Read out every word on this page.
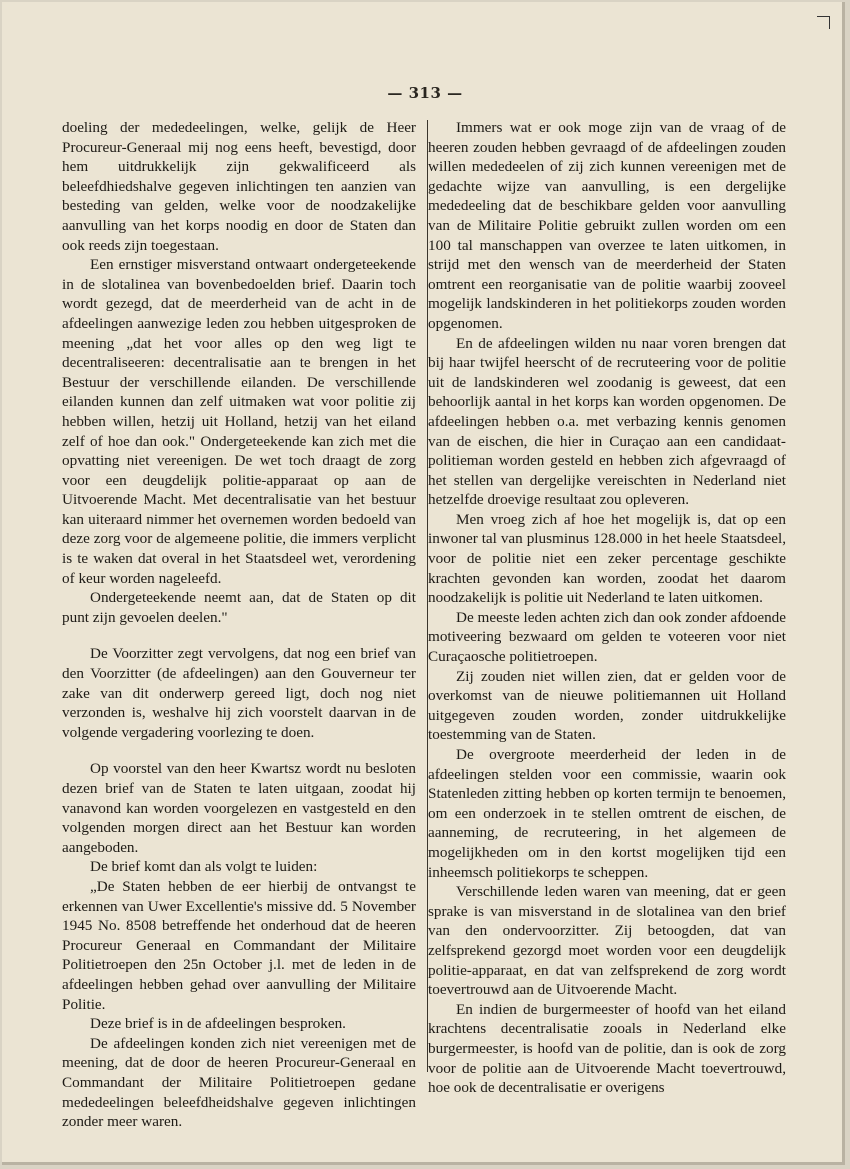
— 313 —

doeling der mededeelingen, welke, gelijk de Heer Procureur-Generaal mij nog eens heeft, bevestigd, door hem uitdrukkelijk zijn gekwalificeerd als beleefdhiedshalve gegeven inlichtingen ten aanzien van besteding van gelden, welke voor de noodzakelijke aanvulling van het korps noodig en door de Staten dan ook reeds zijn toegestaan.

Een ernstiger misverstand ontwaart ondergeteekende in de slotalinea van bovenbedoelden brief. Daarin toch wordt gezegd, dat de meerderheid van de acht in de afdeelingen aanwezige leden zou hebben uitgesproken de meening „dat het voor alles op den weg ligt te decentraliseeren: decentralisatie aan te brengen in het Bestuur der verschillende eilanden. De verschillende eilanden kunnen dan zelf uitmaken wat voor politie zij hebben willen, hetzij uit Holland, hetzij van het eiland zelf of hoe dan ook." Ondergeteekende kan zich met die opvatting niet vereenigen. De wet toch draagt de zorg voor een deugdelijk politie-apparaat op aan de Uitvoerende Macht. Met decentralisatie van het bestuur kan uiteraard nimmer het overnemen worden bedoeld van deze zorg voor de algemeene politie, die immers verplicht is te waken dat overal in het Staatsdeel wet, verordening of keur worden nageleefd.

Ondergeteekende neemt aan, dat de Staten op dit punt zijn gevoelen deelen."

De Voorzitter zegt vervolgens, dat nog een brief van den Voorzitter (de afdeelingen) aan den Gouverneur ter zake van dit onderwerp gereed ligt, doch nog niet verzonden is, weshalve hij zich voorstelt daarvan in de volgende vergadering voorlezing te doen.

Op voorstel van den heer Kwartsz wordt nu besloten dezen brief van de Staten te laten uitgaan, zoodat hij vanavond kan worden voorgelezen en vastgesteld en den volgenden morgen direct aan het Bestuur kan worden aangeboden.

De brief komt dan als volgt te luiden:

„De Staten hebben de eer hierbij de ontvangst te erkennen van Uwer Excellentie's missive dd. 5 November 1945 No. 8508 betreffende het onderhoud dat de heeren Procureur Generaal en Commandant der Militaire Politietroepen den 25n October j.l. met de leden in de afdeelingen hebben gehad over aanvulling der Militaire Politie.

Deze brief is in de afdeelingen besproken.

De afdeelingen konden zich niet vereenigen met de meening, dat de door de heeren Procureur-Generaal en Commandant der Militaire Politietroepen gedane mededeelingen beleefdheidshalve gegeven inlichtingen zonder meer waren.

Immers wat er ook moge zijn van de vraag of de heeren zouden hebben gevraagd of de afdeelingen zouden willen mededeelen of zij zich kunnen vereenigen met de gedachte wijze van aanvulling, is een dergelijke mededeeling dat de beschikbare gelden voor aanvulling van de Militaire Politie gebruikt zullen worden om een 100 tal manschappen van overzee te laten uitkomen, in strijd met den wensch van de meerderheid der Staten omtrent een reorganisatie van de politie waarbij zooveel mogelijk landskinderen in het politiekorps zouden worden opgenomen.

En de afdeelingen wilden nu naar voren brengen dat bij haar twijfel heerscht of de recruteering voor de politie uit de landskinderen wel zoodanig is geweest, dat een behoorlijk aantal in het korps kan worden opgenomen. De afdeelingen hebben o.a. met verbazing kennis genomen van de eischen, die hier in Curaçao aan een candidaat-politieman worden gesteld en hebben zich afgevraagd of het stellen van dergelijke vereischten in Nederland niet hetzelfde droevige resultaat zou opleveren.

Men vroeg zich af hoe het mogelijk is, dat op een inwoner tal van plusminus 128.000 in het heele Staatsdeel, voor de politie niet een zeker percentage geschikte krachten gevonden kan worden, zoodat het daarom noodzakelijk is politie uit Nederland te laten uitkomen.

De meeste leden achten zich dan ook zonder afdoende motiveering bezwaard om gelden te voteeren voor niet Curaçaosche politietroepen.

Zij zouden niet willen zien, dat er gelden voor de overkomst van de nieuwe politiemannen uit Holland uitgegeven zouden worden, zonder uitdrukkelijke toestemming van de Staten.

De overgroote meerderheid der leden in de afdeelingen stelden voor een commissie, waarin ook Statenleden zitting hebben op korten termijn te benoemen, om een onderzoek in te stellen omtrent de eischen, de aanneming, de recruteering, in het algemeen de mogelijkheden om in den kortst mogelijken tijd een inheemsch politiekorps te scheppen.

Verschillende leden waren van meening, dat er geen sprake is van misverstand in de slotalinea van den brief van den ondervoorzitter. Zij betoogden, dat van zelfsprekend gezorgd moet worden voor een deugdelijk politie-apparaat, en dat van zelfsprekend de zorg wordt toevertrouwd aan de Uitvoerende Macht.

En indien de burgermeester of hoofd van het eiland krachtens decentralisatie zooals in Nederland elke burgermeester, is hoofd van de politie, dan is ook de zorg voor de politie aan de Uitvoerende Macht toevertrouwd, hoe ook de decentralisatie er overigens
